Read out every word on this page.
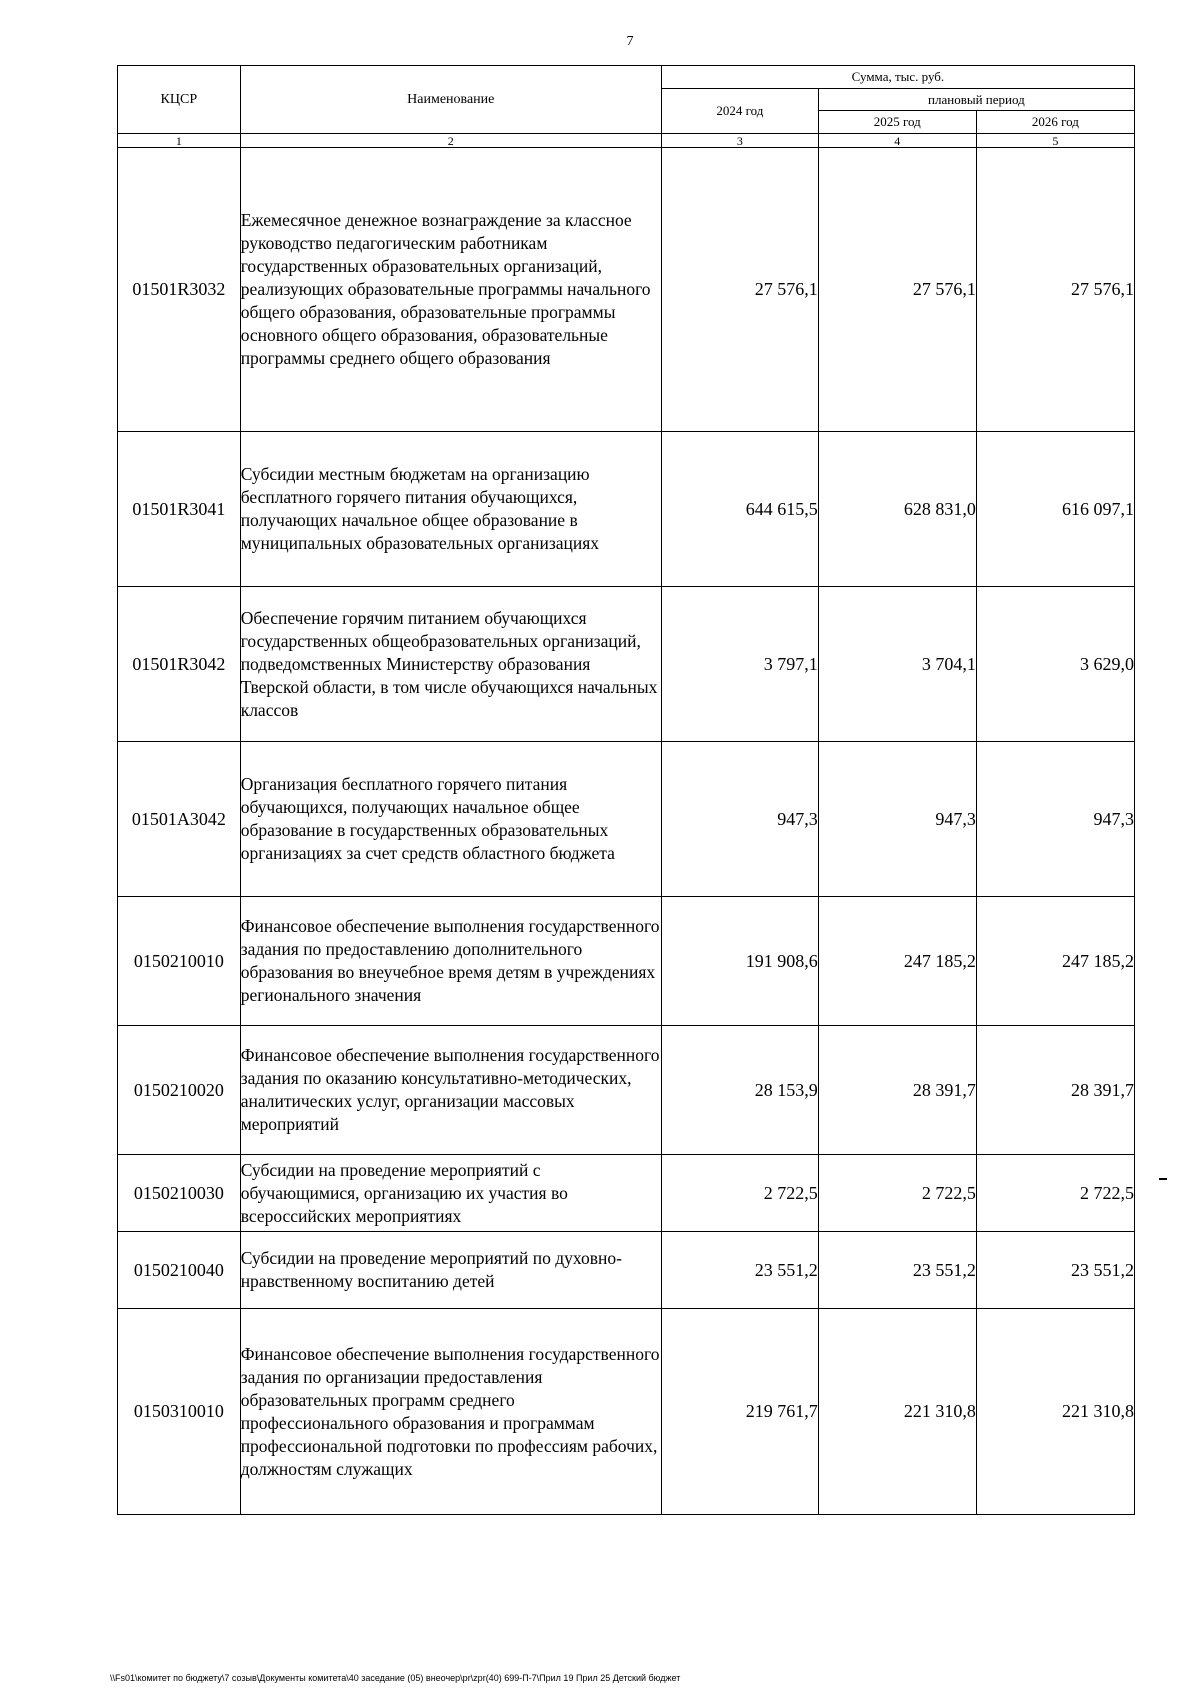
7
КЦСР	Наименование	Сумма, тыс. руб.		
		2024 год	плановый период	
			2025 год	2026 год
1	2	3	4	5
01501R3032	Ежемесячное денежное вознаграждение за классное руководство педагогическим работникам государственных образовательных организаций, реализующих образовательные программы начального общего образования, образовательные программы основного общего образования, образовательные программы среднего общего образования	27 576,1	27 576,1	27 576,1
01501R3041	Субсидии местным бюджетам на организацию бесплатного горячего питания обучающихся, получающих начальное общее образование в муниципальных образовательных организациях	644 615,5	628 831,0	616 097,1
01501R3042	Обеспечение горячим питанием обучающихся государственных общеобразовательных организаций, подведомственных Министерству образования Тверской области, в том числе обучающихся начальных классов	3 797,1	3 704,1	3 629,0
01501А3042	Организация бесплатного горячего питания обучающихся, получающих начальное общее образование в государственных образовательных организациях за счет средств областного бюджета	947,3	947,3	947,3
0150210010	Финансовое обеспечение выполнения государственного задания по предоставлению дополнительного образования во внеучебное время детям в учреждениях регионального значения	191 908,6	247 185,2	247 185,2
0150210020	Финансовое обеспечение выполнения государственного задания по оказанию консультативно-методических, аналитических услуг, организации массовых мероприятий	28 153,9	28 391,7	28 391,7
0150210030	Субсидии на проведение мероприятий с обучающимися, организацию их участия во всероссийских мероприятиях	2 722,5	2 722,5	2 722,5
0150210040	Субсидии на проведение мероприятий по духовно-нравственному воспитанию детей	23 551,2	23 551,2	23 551,2
0150310010	Финансовое обеспечение выполнения государственного задания по организации предоставления образовательных программ среднего профессионального образования и программам профессиональной подготовки по профессиям рабочих, должностям служащих	219 761,7	221 310,8	221 310,8
\\Fs01\комитет по бюджету\7 созыв\Документы комитета\40 заседание (05) внеочер\pr\zpr(40) 699-П-7\Прил 19 Прил 25 Детский бюджет
